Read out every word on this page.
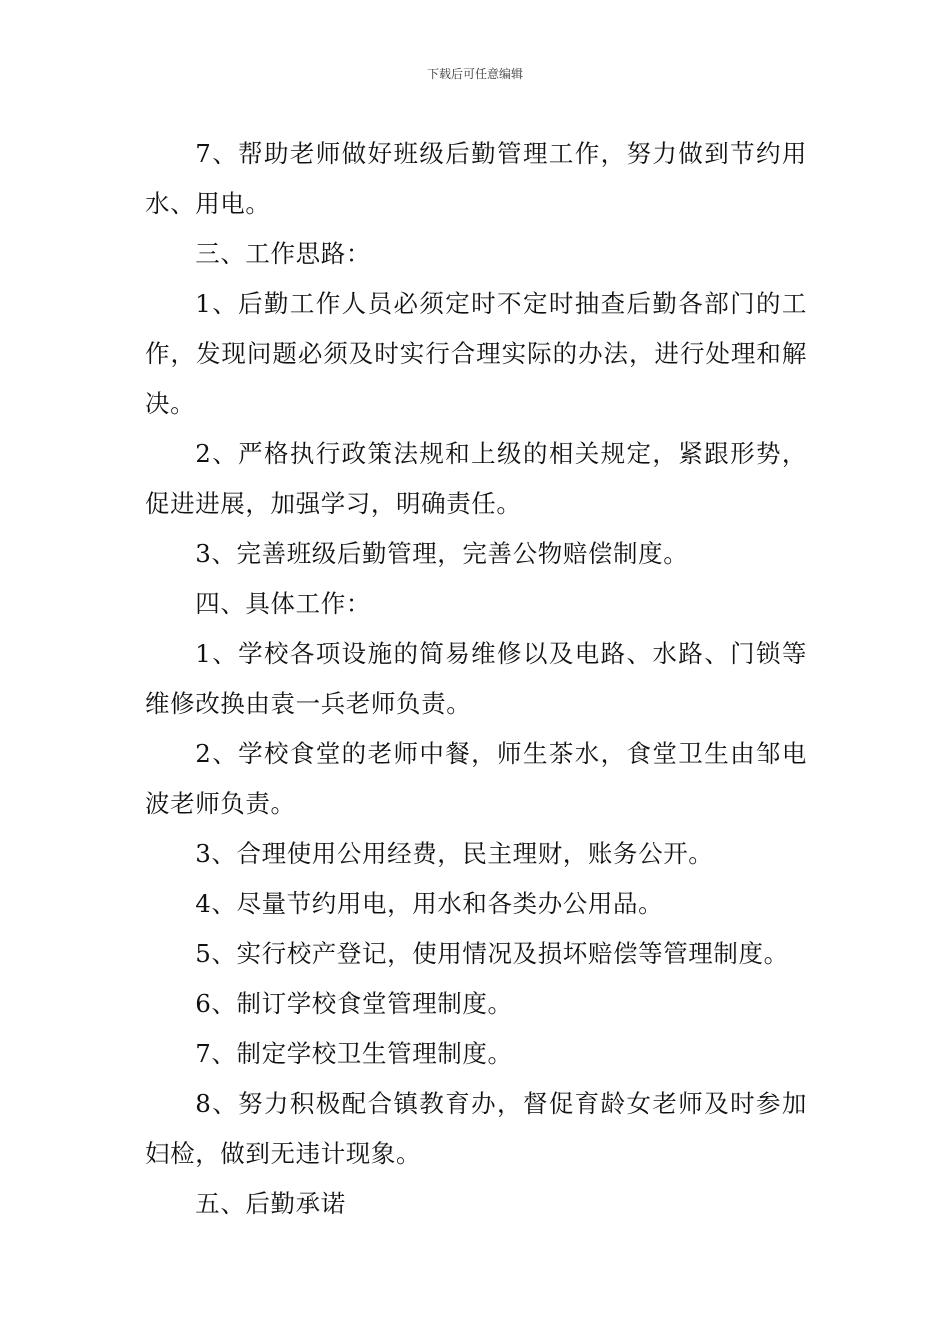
下载后可任意编辑

7、帮助老师做好班级后勤管理工作，努力做到节约用水、用电。

三、工作思路：

1、后勤工作人员必须定时不定时抽查后勤各部门的工作，发现问题必须及时实行合理实际的办法，进行处理和解决。

2、严格执行政策法规和上级的相关规定，紧跟形势，促进进展，加强学习，明确责任。

3、完善班级后勤管理，完善公物赔偿制度。

四、具体工作：

1、学校各项设施的简易维修以及电路、水路、门锁等维修改换由袁一兵老师负责。

2、学校食堂的老师中餐，师生茶水，食堂卫生由邹电波老师负责。

3、合理使用公用经费，民主理财，账务公开。

4、尽量节约用电，用水和各类办公用品。

5、实行校产登记，使用情况及损坏赔偿等管理制度。

6、制订学校食堂管理制度。

7、制定学校卫生管理制度。

8、努力积极配合镇教育办，督促育龄女老师及时参加妇检，做到无违计现象。

五、后勤承诺
